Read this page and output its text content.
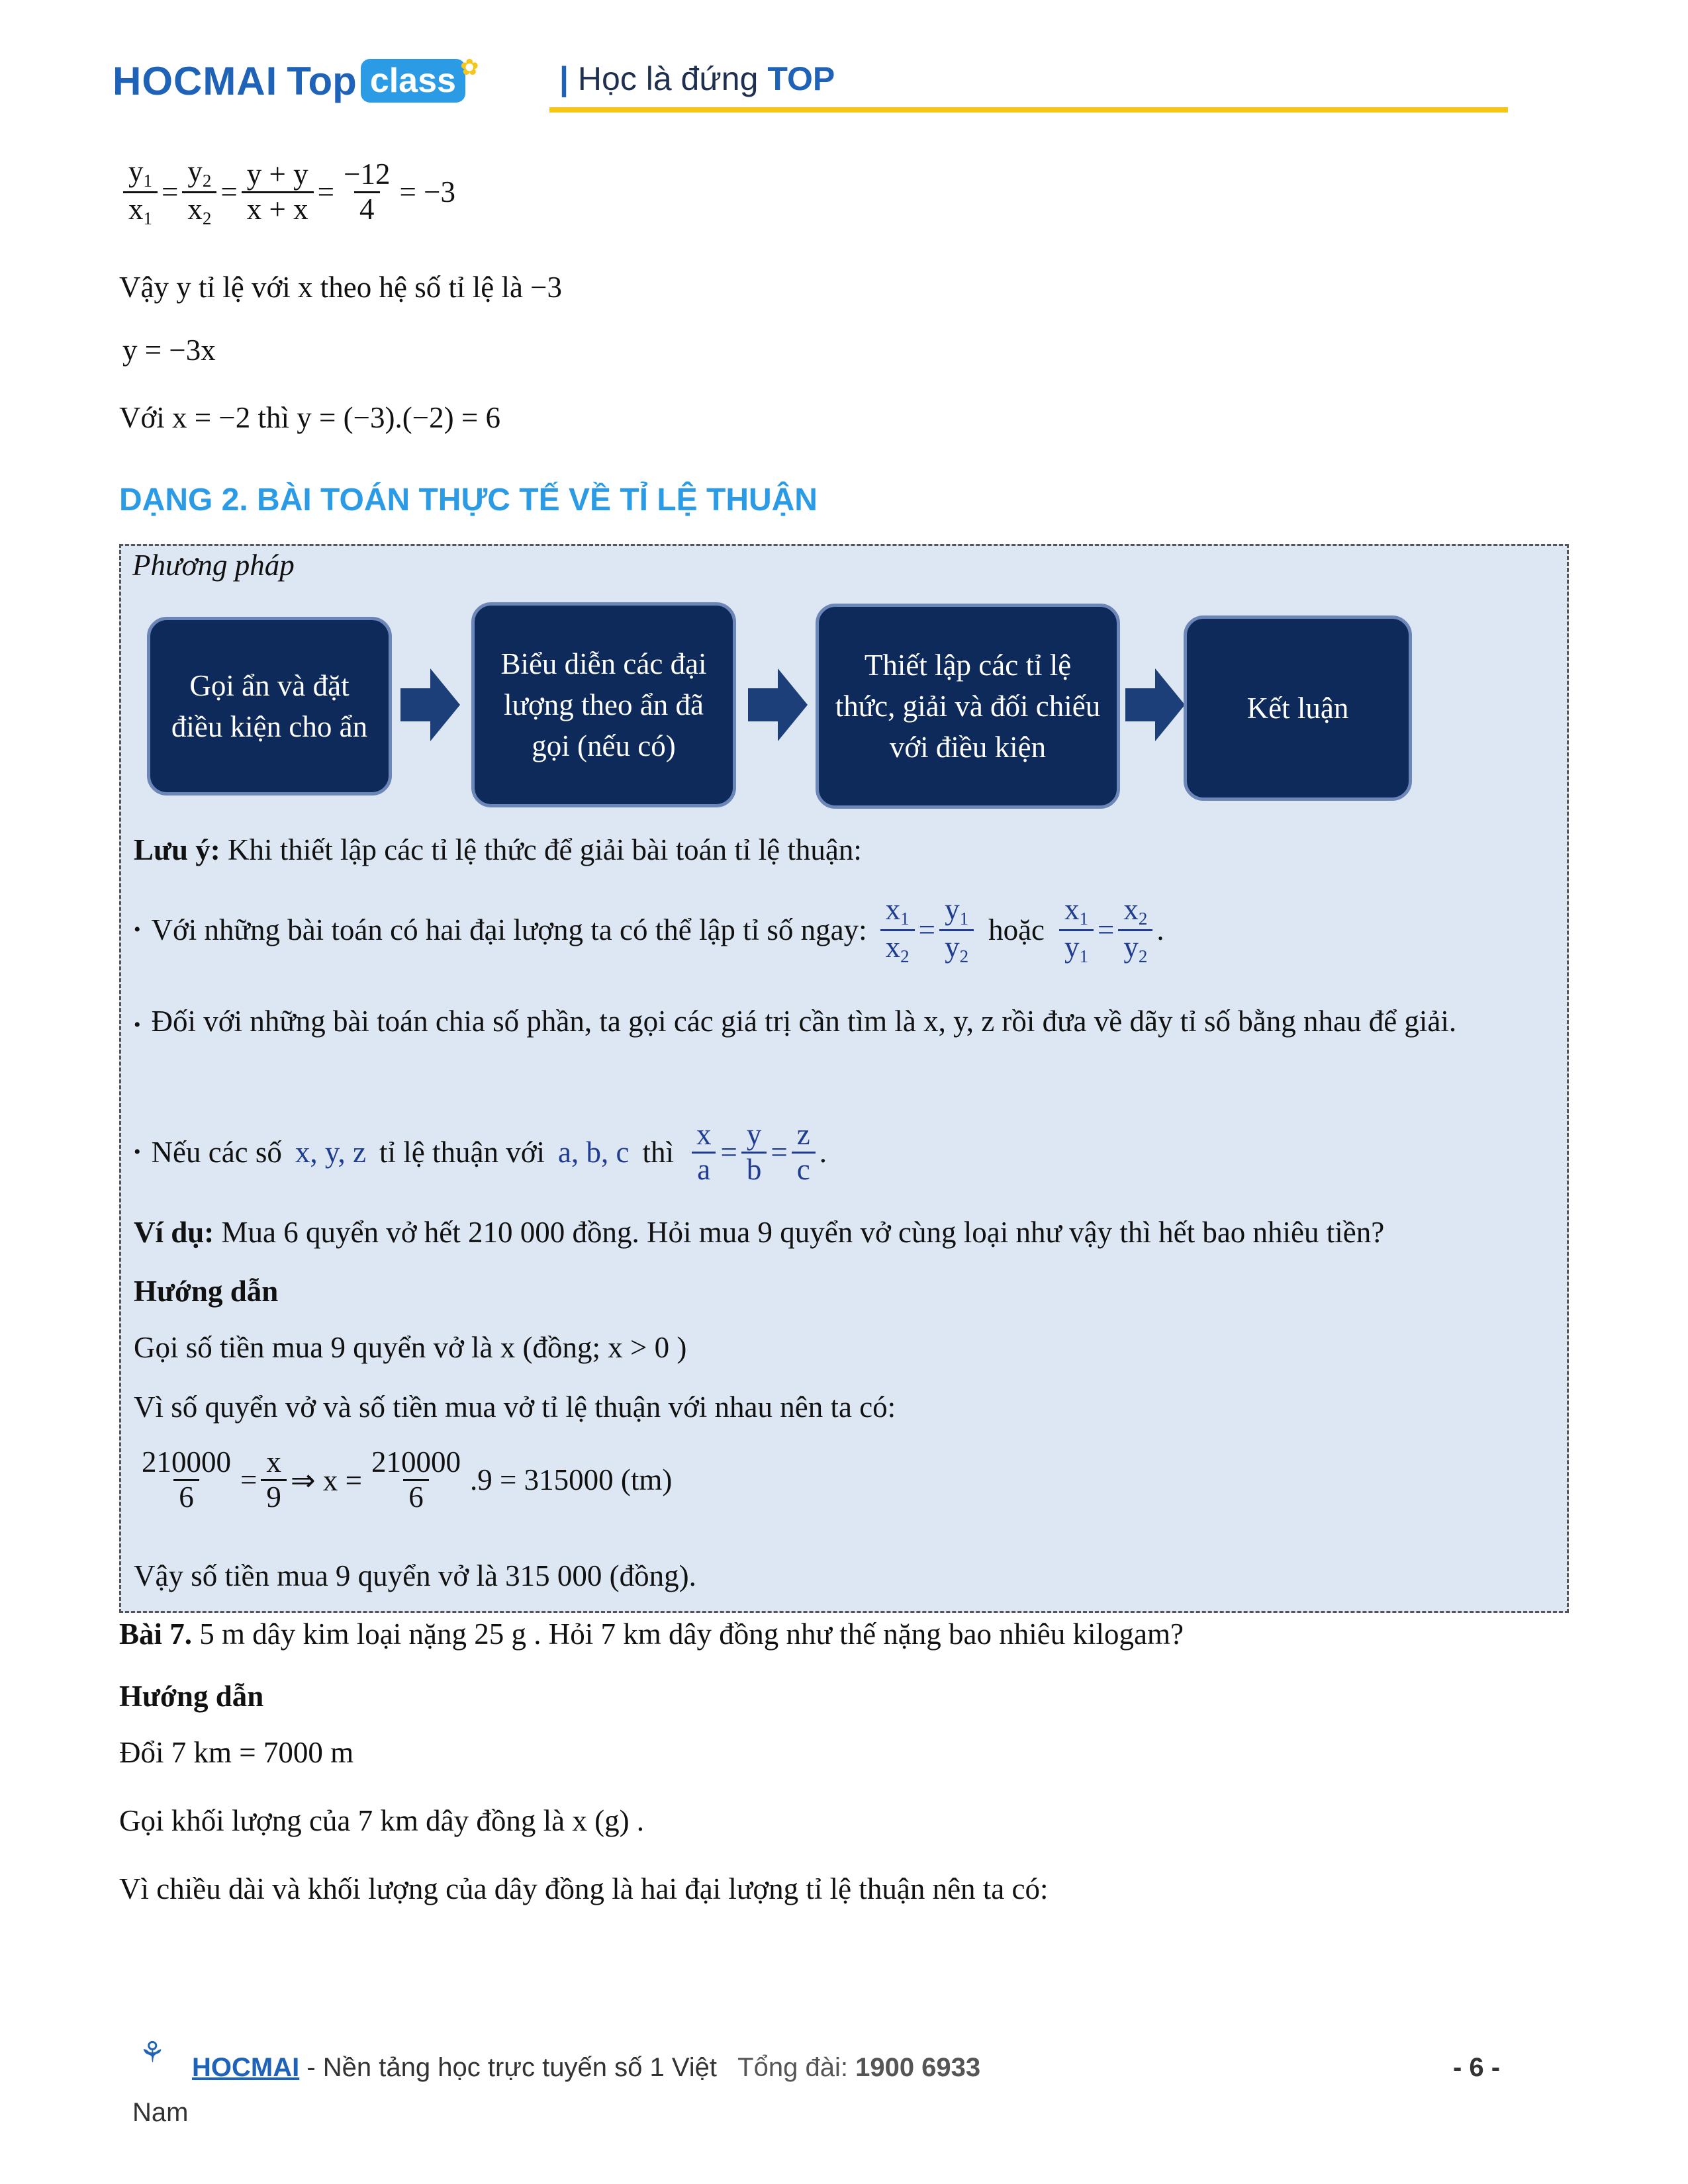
HOCMAI Top class ✿ | Học là đứng TOP
$\frac{y_1}{x_1} = \frac{y_2}{x_2} = \frac{y + y}{x + x} = \frac{-12}{4} = -3$
Vậy y tỉ lệ với x theo hệ số tỉ lệ là −3
y = −3x
Với x = −2 thì y = (−3).(−2) = 6
DẠNG 2. BÀI TOÁN THỰC TẾ VỀ TỈ LỆ THUẬN
Phương pháp
Gọi ẩn và đặt điều kiện cho ẩn
Biểu diễn các đại lượng theo ẩn đã gọi (nếu có)
Thiết lập các tỉ lệ thức, giải và đối chiếu với điều kiện
Kết luận
Lưu ý: Khi thiết lập các tỉ lệ thức để giải bài toán tỉ lệ thuận:
• Với những bài toán có hai đại lượng ta có thể lập tỉ số ngay: $\frac{x_1}{x_2} = \frac{y_1}{y_2}$ hoặc $\frac{x_1}{y_1} = \frac{x_2}{y_2}$ .
• Đối với những bài toán chia số phần, ta gọi các giá trị cần tìm là x, y, z rồi đưa về dãy tỉ số bằng nhau để giải.
• Nếu các số x, y, z tỉ lệ thuận với a, b, c thì $\frac{x}{a} = \frac{y}{b} = \frac{z}{c}$ .
Ví dụ: Mua 6 quyển vở hết 210 000 đồng. Hỏi mua 9 quyển vở cùng loại như vậy thì hết bao nhiêu tiền?
Hướng dẫn
Gọi số tiền mua 9 quyển vở là x (đồng; x > 0 )
Vì số quyển vở và số tiền mua vở tỉ lệ thuận với nhau nên ta có:
$\frac{210000}{6} = \frac{x}{9}$ ⇒ $x = \frac{210000}{6} .9 = 315000$ (tm)
Vậy số tiền mua 9 quyển vở là 315 000 (đồng).
Bài 7. 5 m dây kim loại nặng 25 g . Hỏi 7 km dây đồng như thế nặng bao nhiêu kilogam?
Hướng dẫn
Đổi 7 km = 7000 m
Gọi khối lượng của 7 km dây đồng là x (g) .
Vì chiều dài và khối lượng của dây đồng là hai đại lượng tỉ lệ thuận nên ta có:
⚘ HOCMAI - Nền tảng học trực tuyến số 1 Việt Tổng đài: 1900 6933	- 6 -
Nam
